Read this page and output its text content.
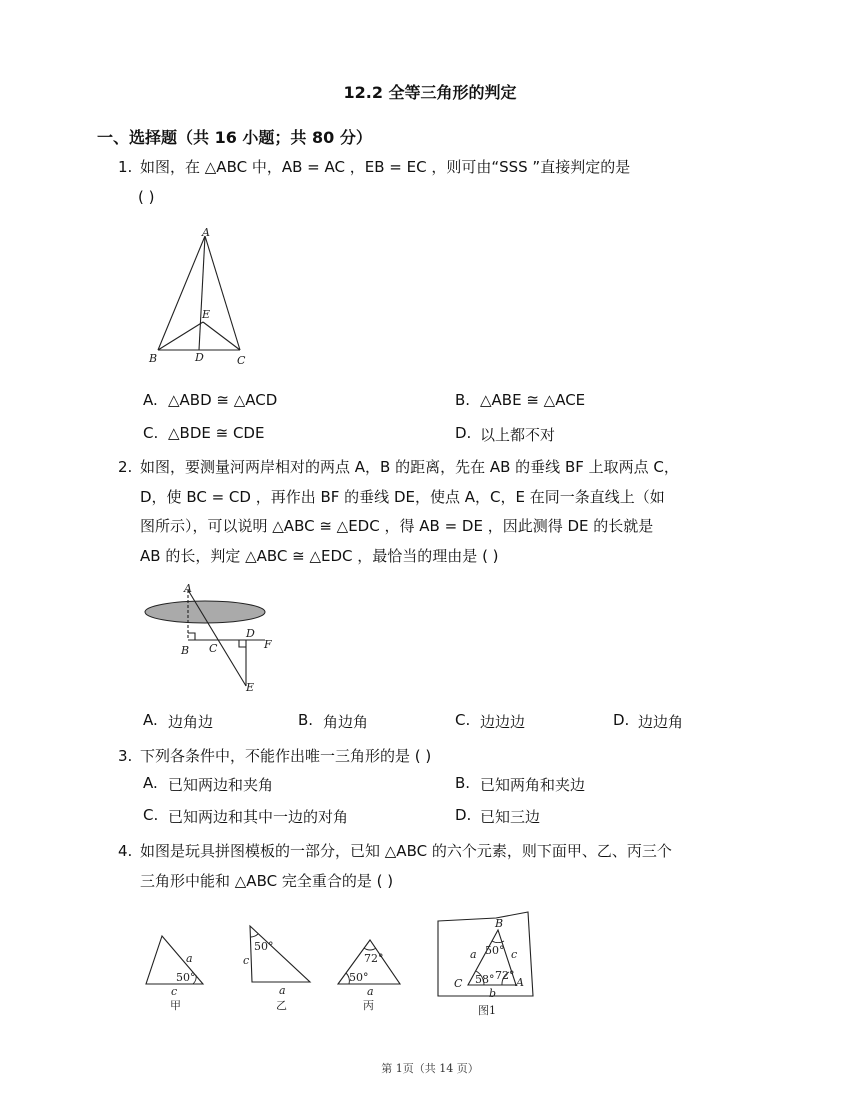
12.2 全等三角形的判定
一、选择题（共 16 小题；共 80 分）
1. 如图，在 △ABC 中，AB = AC ，EB = EC ，则可由“SSS ”直接判定的是
( )
A
E
B	D	C
A. △ABD ≅ △ACD	B. △ABE ≅ △ACE
C. △BDE ≅ CDE	D. 以上都不对
2. 如图，要测量河两岸相对的两点 A，B 的距离，先在 AB 的垂线 BF 上取两点 C，
D，使 BC = CD ，再作出 BF 的垂线 DE，使点 A，C，E 在同一条直线上（如
图所示），可以说明 △ABC ≅ △EDC ，得 AB = DE ，因此测得 DE 的长就是
AB 的长，判定 △ABC ≅ △EDC ，最恰当的理由是 ( )
A
D
F
B C
E
A. 边角边	B. 角边角	C. 边边边	D. 边边角
3. 下列各条件中，不能作出唯一三角形的是 ( )
A. 已知两边和夹角	B. 已知两角和夹边
C. 已知两边和其中一边的对角	D. 已知三边
4. 如图是玩具拼图模板的一部分，已知 △ABC 的六个元素，则下面甲、乙、丙三个
三角形中能和 △ABC 完全重合的是 ( )
a
50°
c
甲
50°
c
a
乙
72°
50°
a
丙
B
a	c
50°
58° 72°
C	A
b
图1
第 1页（共 14 页）
